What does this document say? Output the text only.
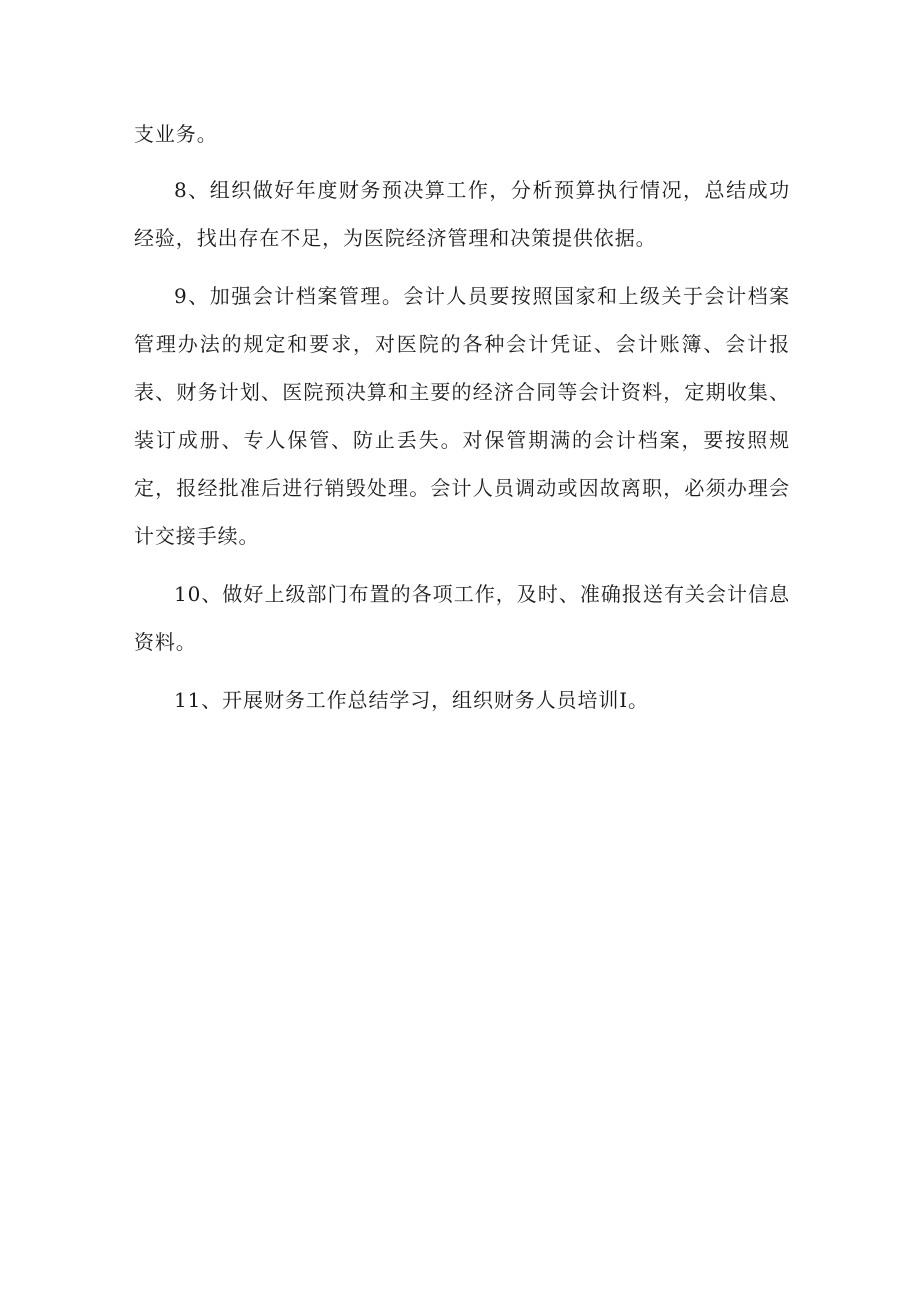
支业务。

8、组织做好年度财务预决算工作，分析预算执行情况，总结成功经验，找出存在不足，为医院经济管理和决策提供依据。

9、加强会计档案管理。会计人员要按照国家和上级关于会计档案管理办法的规定和要求，对医院的各种会计凭证、会计账簿、会计报表、财务计划、医院预决算和主要的经济合同等会计资料，定期收集、装订成册、专人保管、防止丢失。对保管期满的会计档案，要按照规定，报经批准后进行销毁处理。会计人员调动或因故离职，必须办理会计交接手续。

10、做好上级部门布置的各项工作，及时、准确报送有关会计信息资料。

11、开展财务工作总结学习，组织财务人员培训I。
